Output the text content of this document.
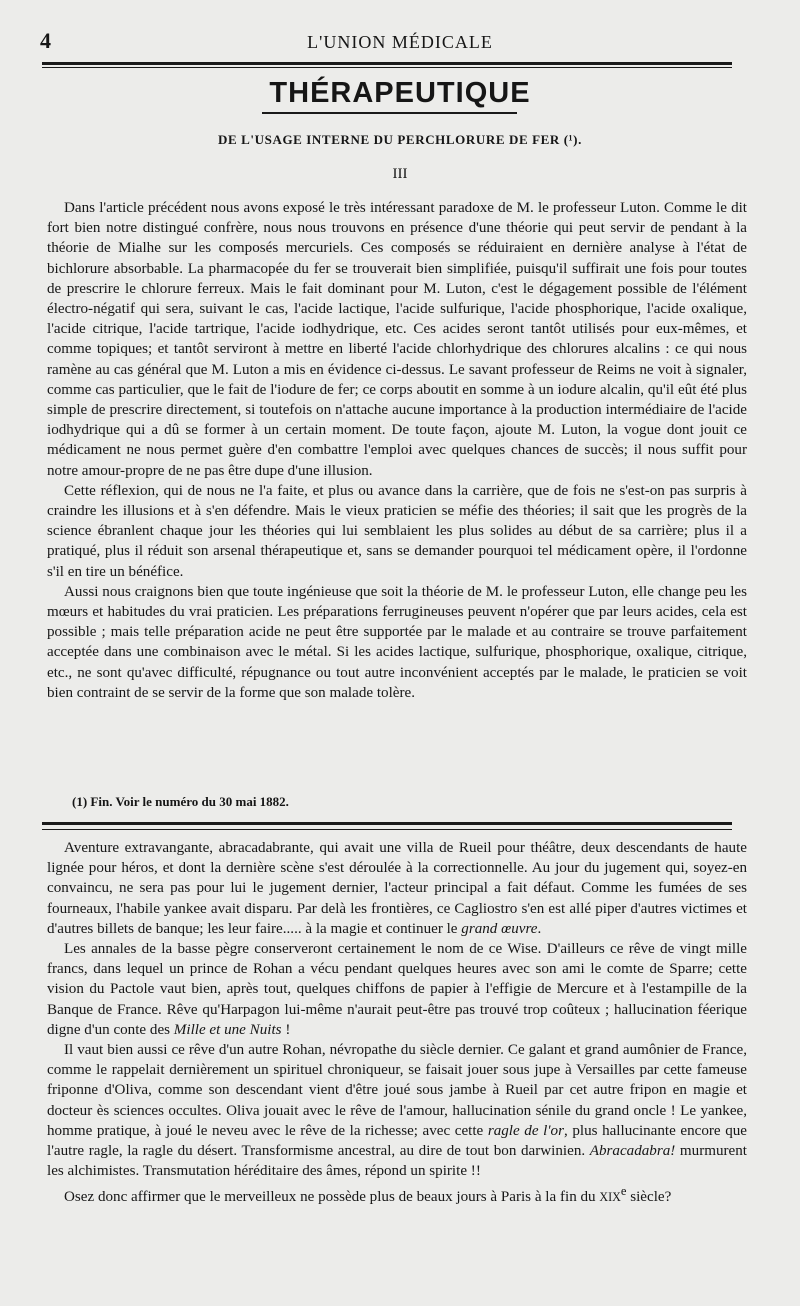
4	L'UNION MÉDICALE
THÉRAPEUTIQUE
DE L'USAGE INTERNE DU PERCHLORURE DE FER (¹).
III

Dans l'article précédent nous avons exposé le très intéressant paradoxe de M. le professeur Luton. Comme le dit fort bien notre distingué confrère, nous nous trouvons en présence d'une théorie qui peut servir de pendant à la théorie de Mialhe sur les composés mercuriels. Ces composés se réduiraient en dernière analyse à l'état de bichlorure absorbable. La pharmacopée du fer se trouverait bien simplifiée, puisqu'il suffirait une fois pour toutes de prescrire le chlorure ferreux. Mais le fait dominant pour M. Luton, c'est le dégagement possible de l'élément électro-négatif qui sera, suivant le cas, l'acide lactique, l'acide sulfurique, l'acide phosphorique, l'acide oxalique, l'acide citrique, l'acide tartrique, l'acide iodhydrique, etc. Ces acides seront tantôt utilisés pour eux-mêmes, et comme topiques; et tantôt serviront à mettre en liberté l'acide chlorhydrique des chlorures alcalins : ce qui nous ramène au cas général que M. Luton a mis en évidence ci-dessus. Le savant professeur de Reims ne voit à signaler, comme cas particulier, que le fait de l'iodure de fer; ce corps aboutit en somme à un iodure alcalin, qu'il eût été plus simple de prescrire directement, si toutefois on n'attache aucune importance à la production intermédiaire de l'acide iodhydrique qui a dû se former à un certain moment. De toute façon, ajoute M. Luton, la vogue dont jouit ce médicament ne nous permet guère d'en combattre l'emploi avec quelques chances de succès; il nous suffit pour notre amour-propre de ne pas être dupe d'une illusion.

Cette réflexion, qui de nous ne l'a faite, et plus ou avance dans la carrière, que de fois ne s'est-on pas surpris à craindre les illusions et à s'en défendre. Mais le vieux praticien se méfie des théories; il sait que les progrès de la science ébranlent chaque jour les théories qui lui semblaient les plus solides au début de sa carrière; plus il a pratiqué, plus il réduit son arsenal thérapeutique et, sans se demander pourquoi tel médicament opère, il l'ordonne s'il en tire un bénéfice.

Aussi nous craignons bien que toute ingénieuse que soit la théorie de M. le professeur Luton, elle change peu les mœurs et habitudes du vrai praticien. Les préparations ferrugineuses peuvent n'opérer que par leurs acides, cela est possible ; mais telle préparation acide ne peut être supportée par le malade et au contraire se trouve parfaitement acceptée dans une combinaison avec le métal. Si les acides lactique, sulfurique, phosphorique, oxalique, citrique, etc., ne sont qu'avec difficulté, répugnance ou tout autre inconvénient acceptés par le malade, le praticien se voit bien contraint de se servir de la forme que son malade tolère.

(1) Fin. Voir le numéro du 30 mai 1882.

Aventure extravangante, abracadabrante, qui avait une villa de Rueil pour théâtre, deux descendants de haute lignée pour héros, et dont la dernière scène s'est déroulée à la correctionnelle. Au jour du jugement qui, soyez-en convaincu, ne sera pas pour lui le jugement dernier, l'acteur principal a fait défaut. Comme les fumées de ses fourneaux, l'habile yankee avait disparu. Par delà les frontières, ce Cagliostro s'en est allé piper d'autres victimes et d'autres billets de banque; les leur faire..... à la magie et continuer le grand œuvre.

Les annales de la basse pègre conserveront certainement le nom de ce Wise. D'ailleurs ce rêve de vingt mille francs, dans lequel un prince de Rohan a vécu pendant quelques heures avec son ami le comte de Sparre; cette vision du Pactole vaut bien, après tout, quelques chiffons de papier à l'effigie de Mercure et à l'estampille de la Banque de France. Rêve qu'Harpagon lui-même n'aurait peut-être pas trouvé trop coûteux ; hallucination féerique digne d'un conte des Mille et une Nuits !

Il vaut bien aussi ce rêve d'un autre Rohan, névropathe du siècle dernier. Ce galant et grand aumônier de France, comme le rappelait dernièrement un spirituel chroniqueur, se faisait jouer sous jupe à Versailles par cette fameuse friponne d'Oliva, comme son descendant vient d'être joué sous jambe à Rueil par cet autre fripon en magie et docteur ès sciences occultes. Oliva jouait avec le rêve de l'amour, hallucination sénile du grand oncle ! Le yankee, homme pratique, à joué le neveu avec le rêve de la richesse; avec cette ragle de l'or, plus hallucinante encore que l'autre ragle, la ragle du désert. Transformisme ancestral, au dire de tout bon darwinien. Abracadabra! murmurent les alchimistes. Transmutation héréditaire des âmes, répond un spirite !!

Osez donc affirmer que le merveilleux ne possède plus de beaux jours à Paris à la fin du XIXe siècle?
